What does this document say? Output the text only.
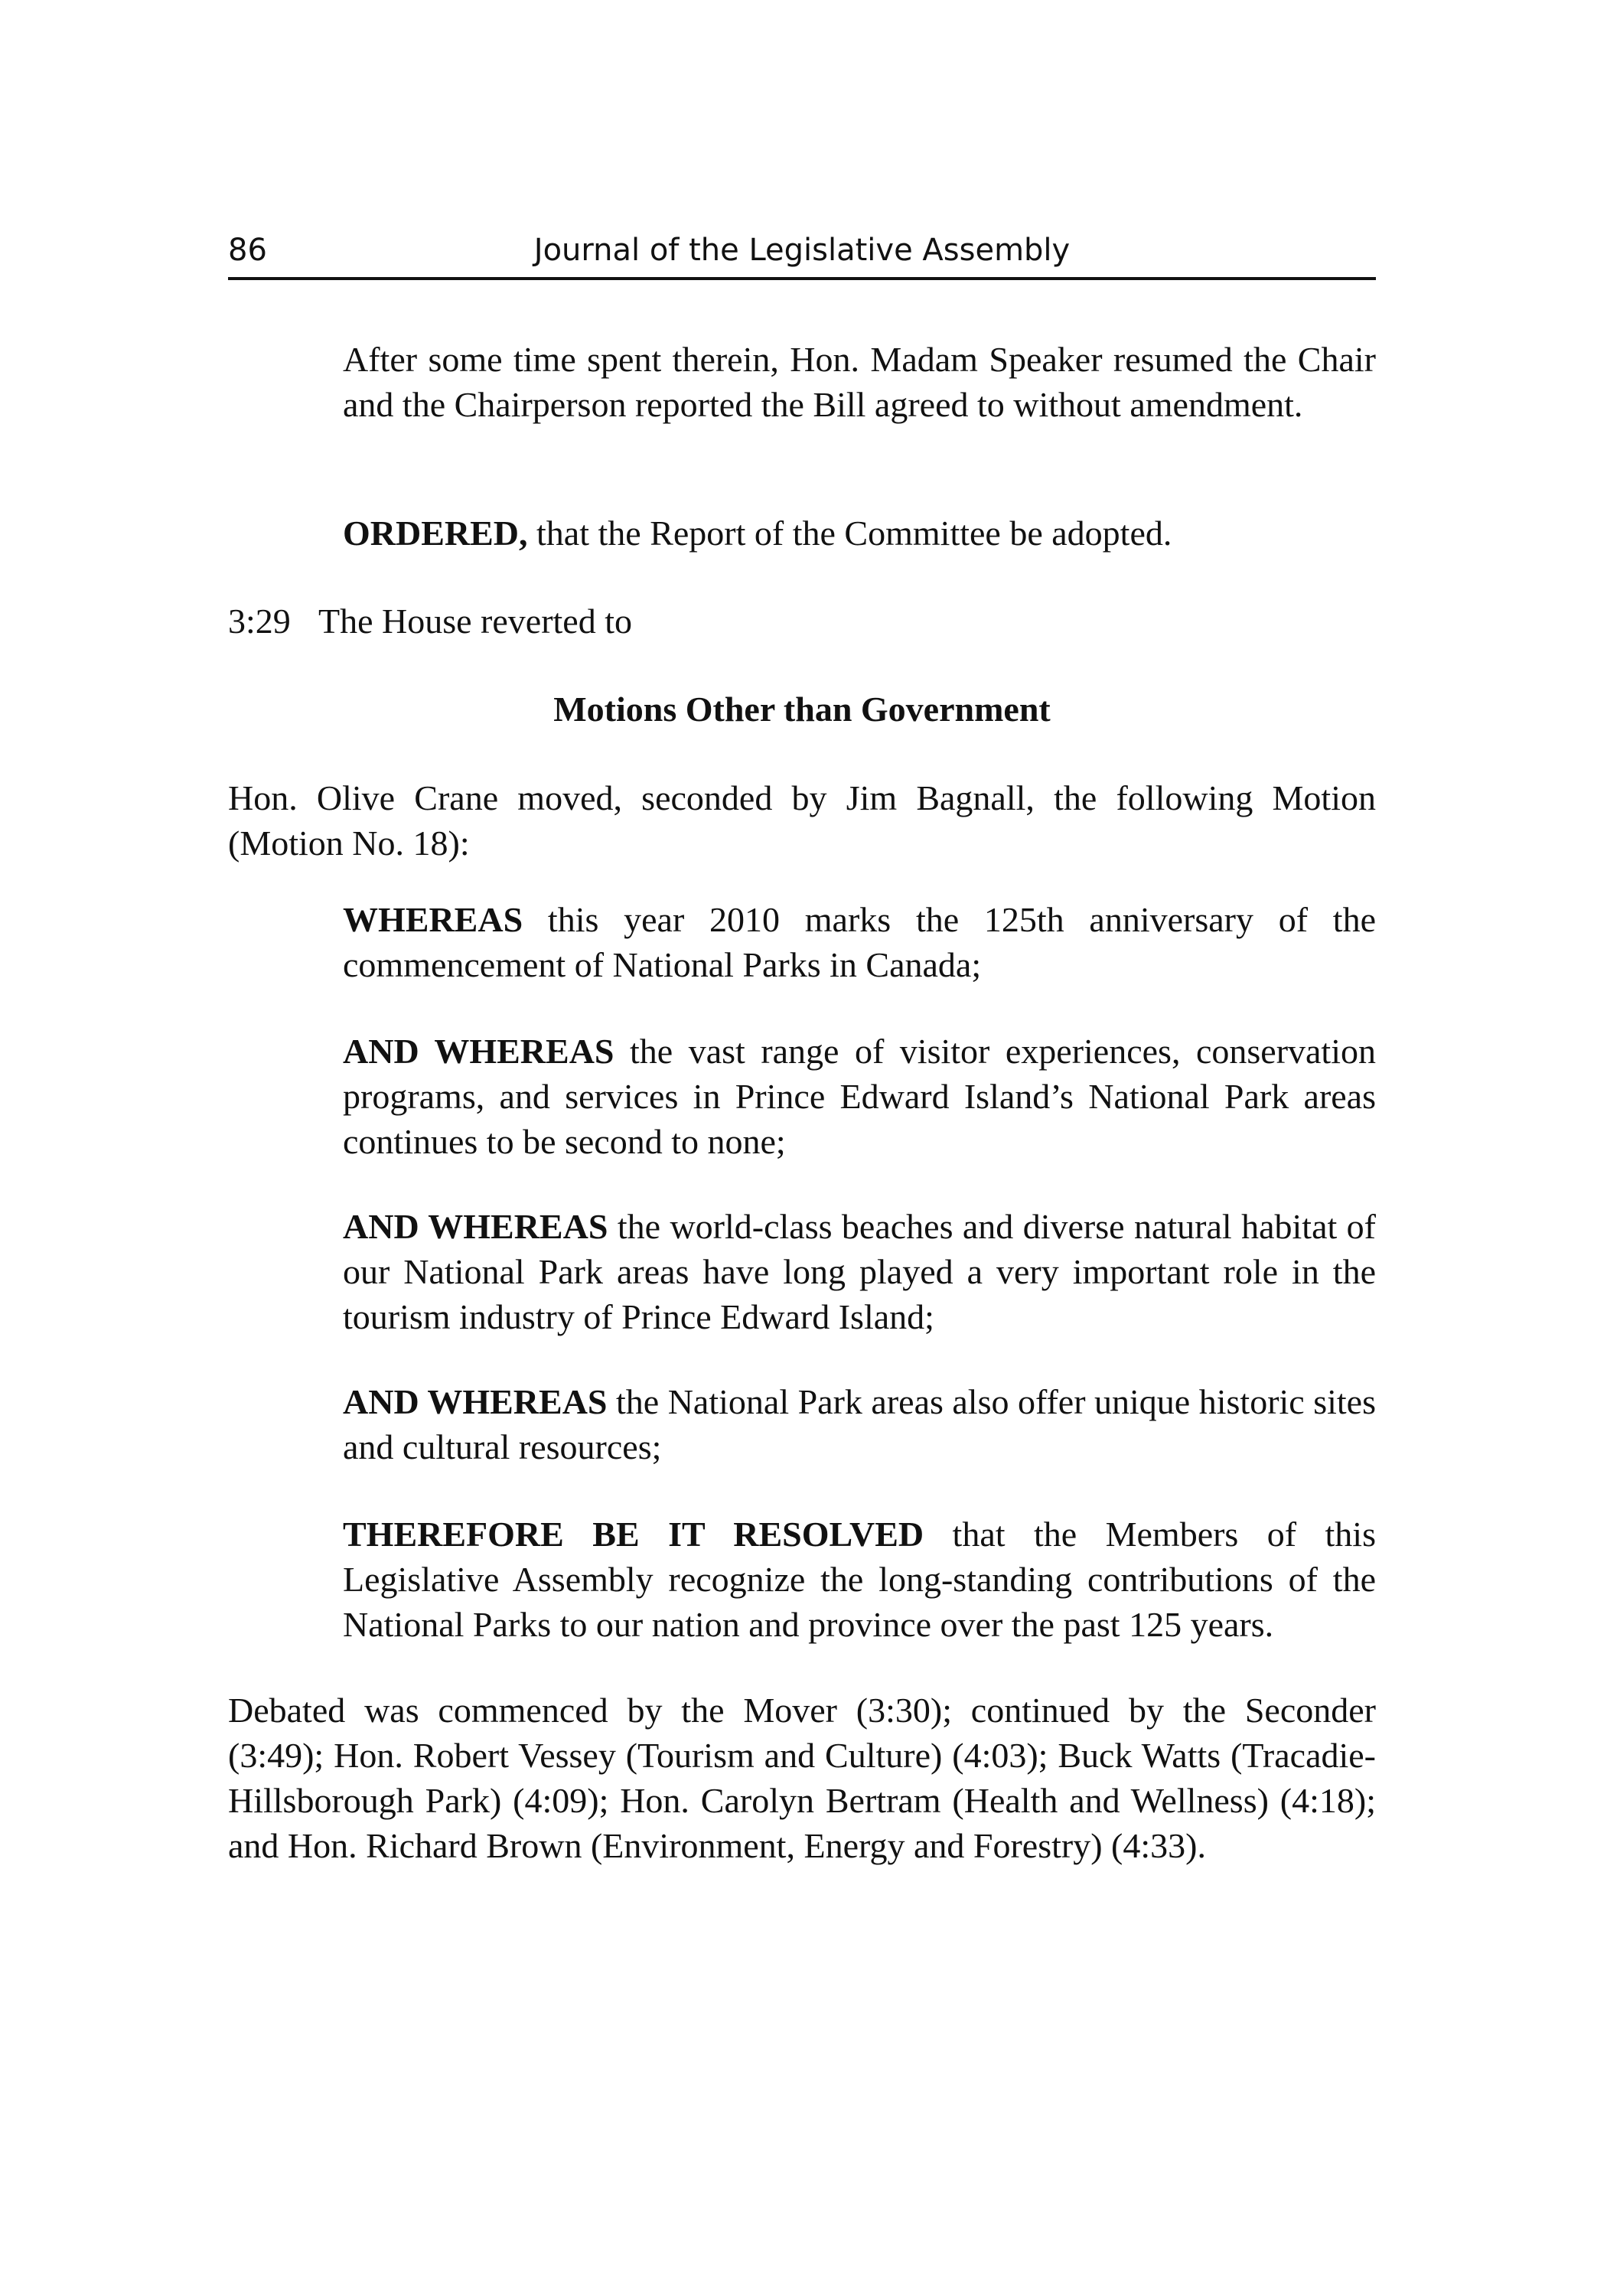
86	Journal of the Legislative Assembly

After some time spent therein, Hon. Madam Speaker resumed the Chair and the Chairperson reported the Bill agreed to without amendment.

ORDERED, that the Report of the Committee be adopted.

3:29 The House reverted to

Motions Other than Government

Hon. Olive Crane moved, seconded by Jim Bagnall, the following Motion (Motion No. 18):

WHEREAS this year 2010 marks the 125th anniversary of the commencement of National Parks in Canada;

AND WHEREAS the vast range of visitor experiences, conservation programs, and services in Prince Edward Island’s National Park areas continues to be second to none;

AND WHEREAS the world-class beaches and diverse natural habitat of our National Park areas have long played a very important role in the tourism industry of Prince Edward Island;

AND WHEREAS the National Park areas also offer unique historic sites and cultural resources;

THEREFORE BE IT RESOLVED that the Members of this Legislative Assembly recognize the long-standing contributions of the National Parks to our nation and province over the past 125 years.

Debated was commenced by the Mover (3:30); continued by the Seconder (3:49); Hon. Robert Vessey (Tourism and Culture) (4:03); Buck Watts (Tracadie-Hillsborough Park) (4:09); Hon. Carolyn Bertram (Health and Wellness) (4:18); and Hon. Richard Brown (Environment, Energy and Forestry) (4:33).
